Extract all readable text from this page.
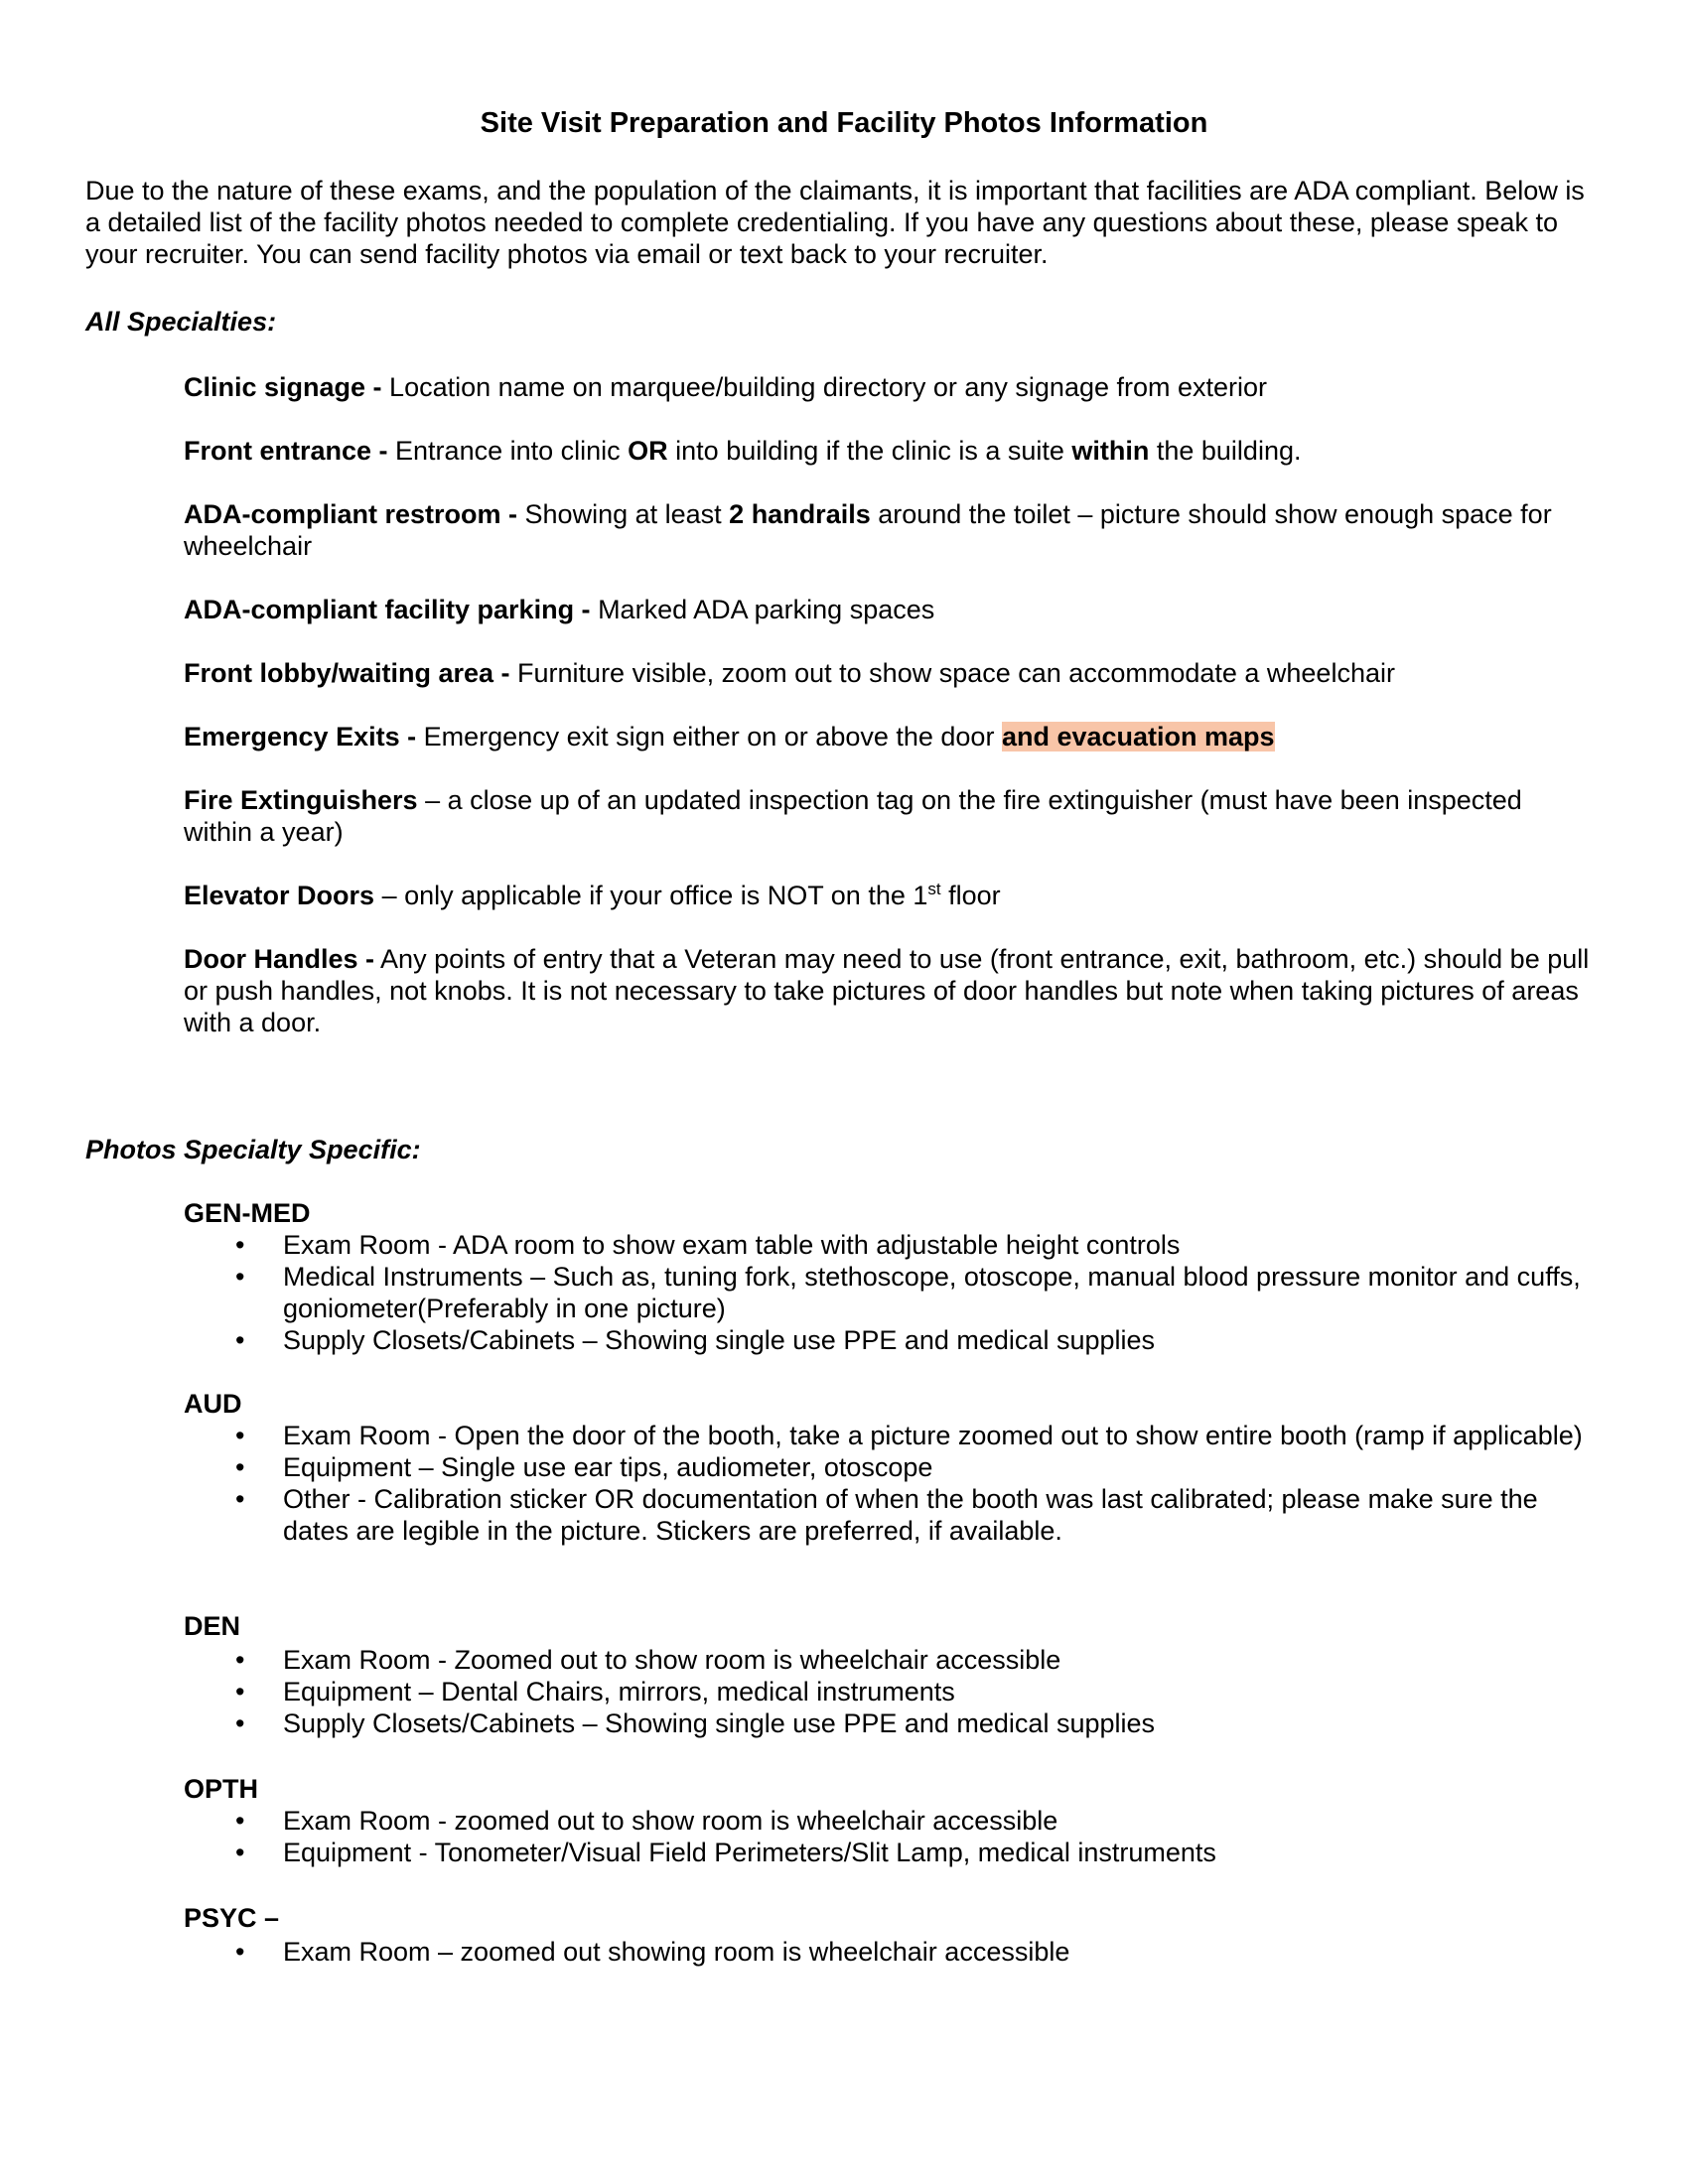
Site Visit Preparation and Facility Photos Information
Due to the nature of these exams, and the population of the claimants, it is important that facilities are ADA compliant. Below is a detailed list of the facility photos needed to complete credentialing. If you have any questions about these, please speak to your recruiter. You can send facility photos via email or text back to your recruiter.
All Specialties:
Clinic signage - Location name on marquee/building directory or any signage from exterior
Front entrance - Entrance into clinic OR into building if the clinic is a suite within the building.
ADA-compliant restroom - Showing at least 2 handrails around the toilet – picture should show enough space for wheelchair
ADA-compliant facility parking - Marked ADA parking spaces
Front lobby/waiting area - Furniture visible, zoom out to show space can accommodate a wheelchair
Emergency Exits - Emergency exit sign either on or above the door and evacuation maps
Fire Extinguishers – a close up of an updated inspection tag on the fire extinguisher (must have been inspected within a year)
Elevator Doors – only applicable if your office is NOT on the 1st floor
Door Handles - Any points of entry that a Veteran may need to use (front entrance, exit, bathroom, etc.) should be pull or push handles, not knobs. It is not necessary to take pictures of door handles but note when taking pictures of areas with a door.
Photos Specialty Specific:
GEN-MED
• Exam Room - ADA room to show exam table with adjustable height controls
• Medical Instruments – Such as, tuning fork, stethoscope, otoscope, manual blood pressure monitor and cuffs, goniometer(Preferably in one picture)
• Supply Closets/Cabinets – Showing single use PPE and medical supplies
AUD
• Exam Room - Open the door of the booth, take a picture zoomed out to show entire booth (ramp if applicable)
• Equipment – Single use ear tips, audiometer, otoscope
• Other - Calibration sticker OR documentation of when the booth was last calibrated; please make sure the dates are legible in the picture. Stickers are preferred, if available.
DEN
• Exam Room - Zoomed out to show room is wheelchair accessible
• Equipment – Dental Chairs, mirrors, medical instruments
• Supply Closets/Cabinets – Showing single use PPE and medical supplies
OPTH
• Exam Room - zoomed out to show room is wheelchair accessible
• Equipment - Tonometer/Visual Field Perimeters/Slit Lamp, medical instruments
PSYC –
• Exam Room – zoomed out showing room is wheelchair accessible
